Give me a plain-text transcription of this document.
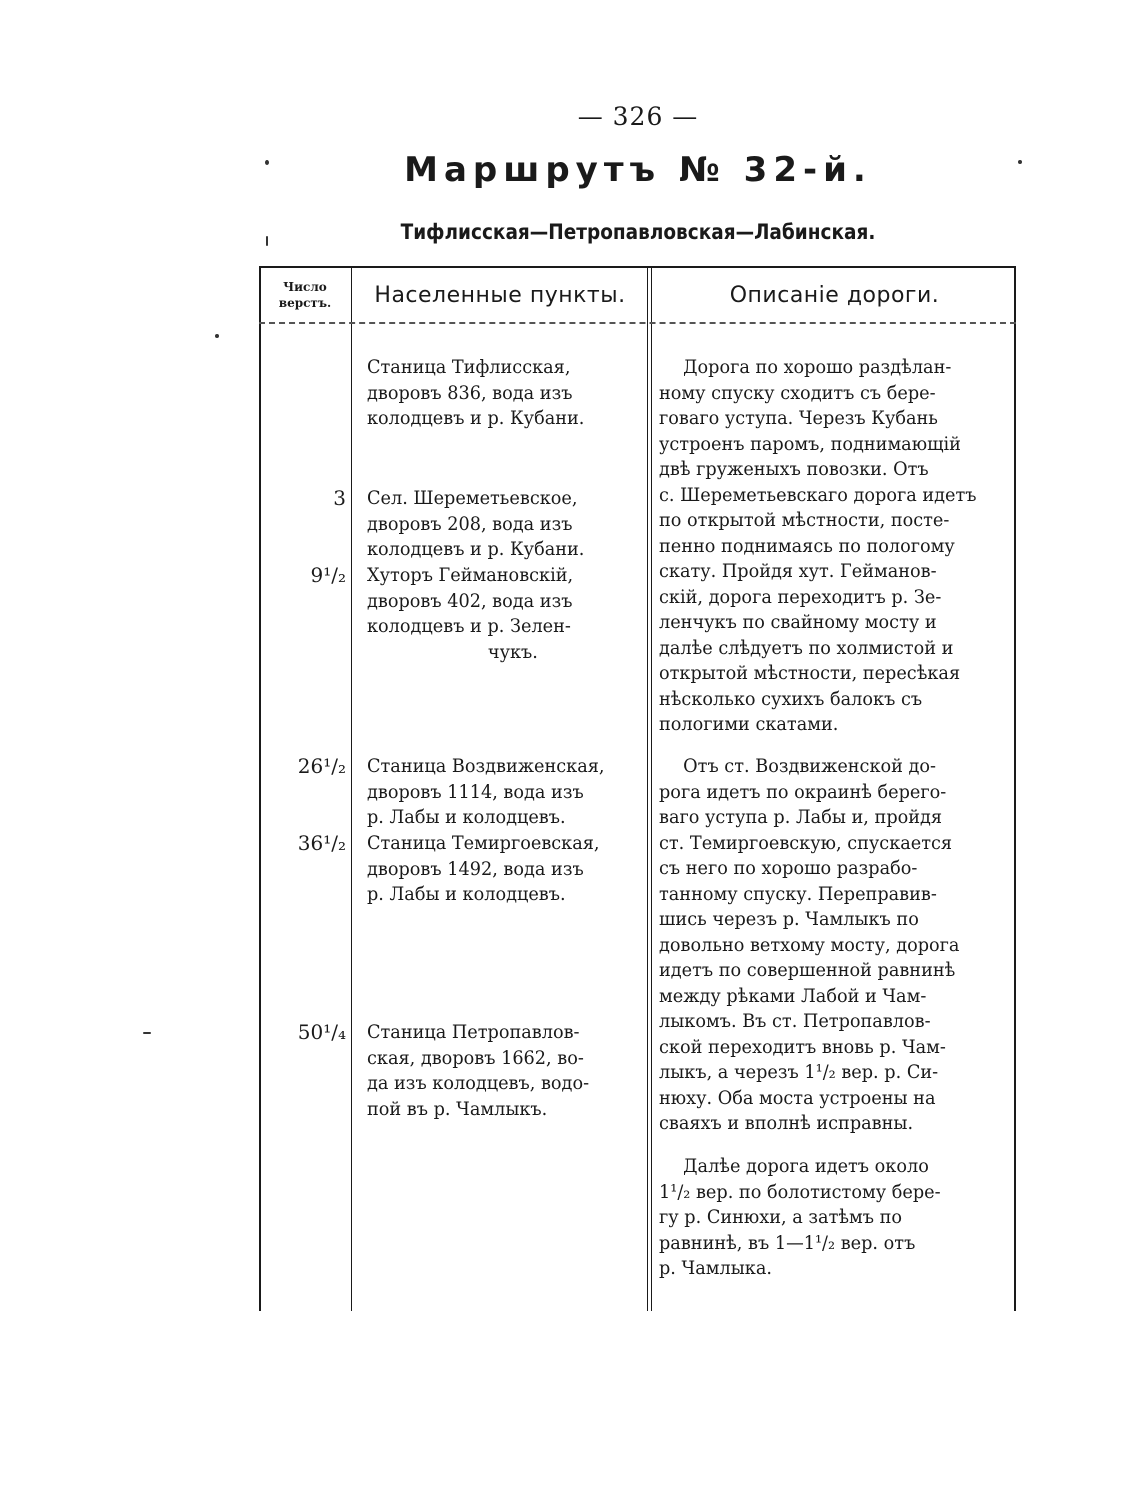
— 326 —
Маршрутъ № 32-й.
Тифлисская—Петропавловская—Лабинская.
Число
верстъ.	Населенные пункты.	Описаніе дороги.
3
9¹/₂
26¹/₂
36¹/₂
50¹/₄
Станица Тифлисская,
дворовъ 836, вода изъ
колодцевъ и р. Кубани.
Сел. Шереметьевское,
дворовъ 208, вода изъ
колодцевъ и р. Кубани.
Хуторъ Геймановскій,
дворовъ 402, вода изъ
колодцевъ и р. Зелен-
чукъ.
Станица Воздвиженская,
дворовъ 1114, вода изъ
р. Лабы и колодцевъ.
Станица Темиргоевская,
дворовъ 1492, вода изъ
р. Лабы и колодцевъ.
Станица Петропавлов-
ская, дворовъ 1662, во-
да изъ колодцевъ, водо-
пой въ р. Чамлыкъ.
Дорога по хорошо раздѣлан-
ному спуску сходитъ съ бере-
говаго уступа. Черезъ Кубань
устроенъ паромъ, поднимающій
двѣ груженыхъ повозки. Отъ
с. Шереметьевскаго дорога идетъ
по открытой мѣстности, посте-
пенно поднимаясь по пологому
скату. Пройдя хут. Гейманов-
скій, дорога переходитъ р. Зе-
ленчукъ по свайному мосту и
далѣе слѣдуетъ по холмистой и
открытой мѣстности, пересѣкая
нѣсколько сухихъ балокъ съ
пологими скатами.
Отъ ст. Воздвиженской до-
рога идетъ по окраинѣ берего-
ваго уступа р. Лабы и, пройдя
ст. Темиргоевскую, спускается
съ него по хорошо разрабо-
танному спуску. Переправив-
шись черезъ р. Чамлыкъ по
довольно ветхому мосту, дорога
идетъ по совершенной равнинѣ
между рѣками Лабой и Чам-
лыкомъ. Въ ст. Петропавлов-
ской переходитъ вновь р. Чам-
лыкъ, а черезъ 1¹/₂ вер. р. Си-
нюху. Оба моста устроены на
сваяхъ и вполнѣ исправны.
Далѣе дорога идетъ около
1¹/₂ вер. по болотистому бере-
гу р. Синюхи, а затѣмъ по
равнинѣ, въ 1—1¹/₂ вер. отъ
р. Чамлыка.
